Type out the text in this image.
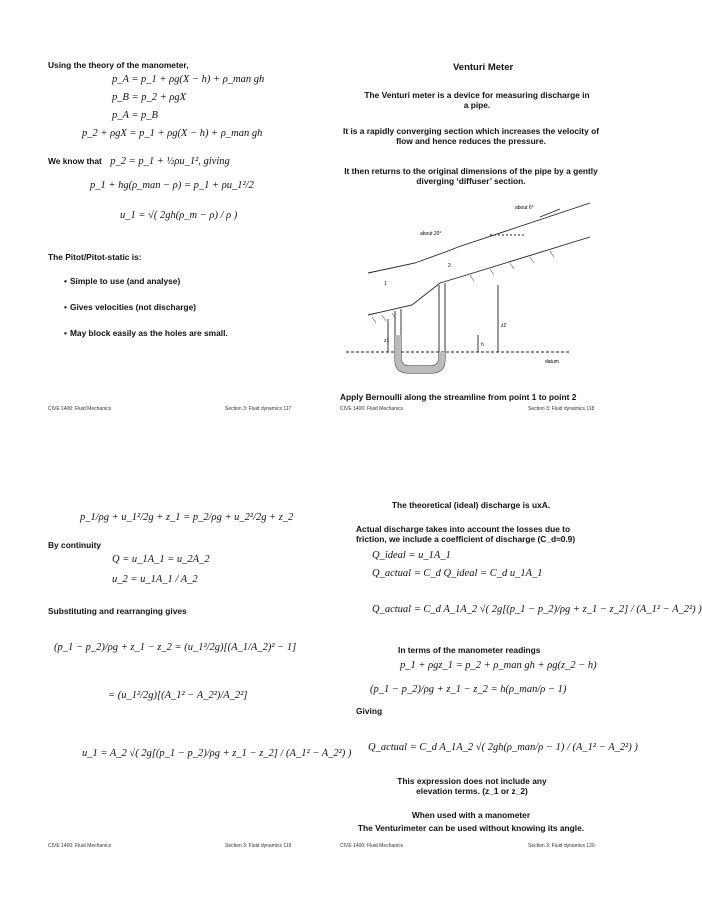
Using the theory of the manometer,
p_A = p_1 + ρg(X − h) + ρ_man gh
p_B = p_2 + ρgX
p_A = p_B
p_2 + ρgX = p_1 + ρg(X − h) + ρ_man gh
We know that p_2 = p_1 + ½ρu_1², giving
p_1 + hg(ρ_man − ρ) = p_1 + ρu_1²/2
u_1 = √( 2gh(ρ_m − ρ) / ρ )
The Pitot/Pitot-static is:
• Simple to use (and analyse)
• Gives velocities (not discharge)
• May block easily as the holes are small.
CIVE 1400: Fluid Mechanics	Section 3: Fluid dynamics 117
Venturi Meter
The Venturi meter is a device for measuring discharge in a pipe.
It is a rapidly converging section which increases the velocity of flow and hence reduces the pressure.
It then returns to the original dimensions of the pipe by a gently diverging ‘diffuser’ section.
about 6°
about 20°
1
2
z1
z2
h
datum
Apply Bernoulli along the streamline from point 1 to point 2
CIVE 1400: Fluid Mechanics	Section 3: Fluid dynamics 118
p_1/ρg + u_1²/2g + z_1 = p_2/ρg + u_2²/2g + z_2
By continuity
Q = u_1A_1 = u_2A_2
u_2 = u_1A_1 / A_2
Substituting and rearranging gives
(p_1 − p_2)/ρg + z_1 − z_2 = (u_1²/2g)[(A_1/A_2)² − 1]
= (u_1²/2g)[(A_1² − A_2²)/A_2²]
u_1 = A_2 √( 2g[(p_1 − p_2)/ρg + z_1 − z_2] / (A_1² − A_2²) )
CIVE 1400: Fluid Mechanics	Section 3: Fluid dynamics 119
The theoretical (ideal) discharge is uxA.
Actual discharge takes into account the losses due to friction, we include a coefficient of discharge (C_d≈0.9)
Q_ideal = u_1A_1
Q_actual = C_d Q_ideal = C_d u_1A_1
Q_actual = C_d A_1A_2 √( 2g[(p_1 − p_2)/ρg + z_1 − z_2] / (A_1² − A_2²) )
In terms of the manometer readings
p_1 + ρgz_1 = p_2 + ρ_man gh + ρg(z_2 − h)
(p_1 − p_2)/ρg + z_1 − z_2 = h(ρ_man/ρ − 1)
Giving
Q_actual = C_d A_1A_2 √( 2gh(ρ_man/ρ − 1) / (A_1² − A_2²) )
This expression does not include any elevation terms. (z_1 or z_2)
When used with a manometer
The Venturimeter can be used without knowing its angle.
CIVE 1400: Fluid Mechanics	Section 3: Fluid dynamics 120
